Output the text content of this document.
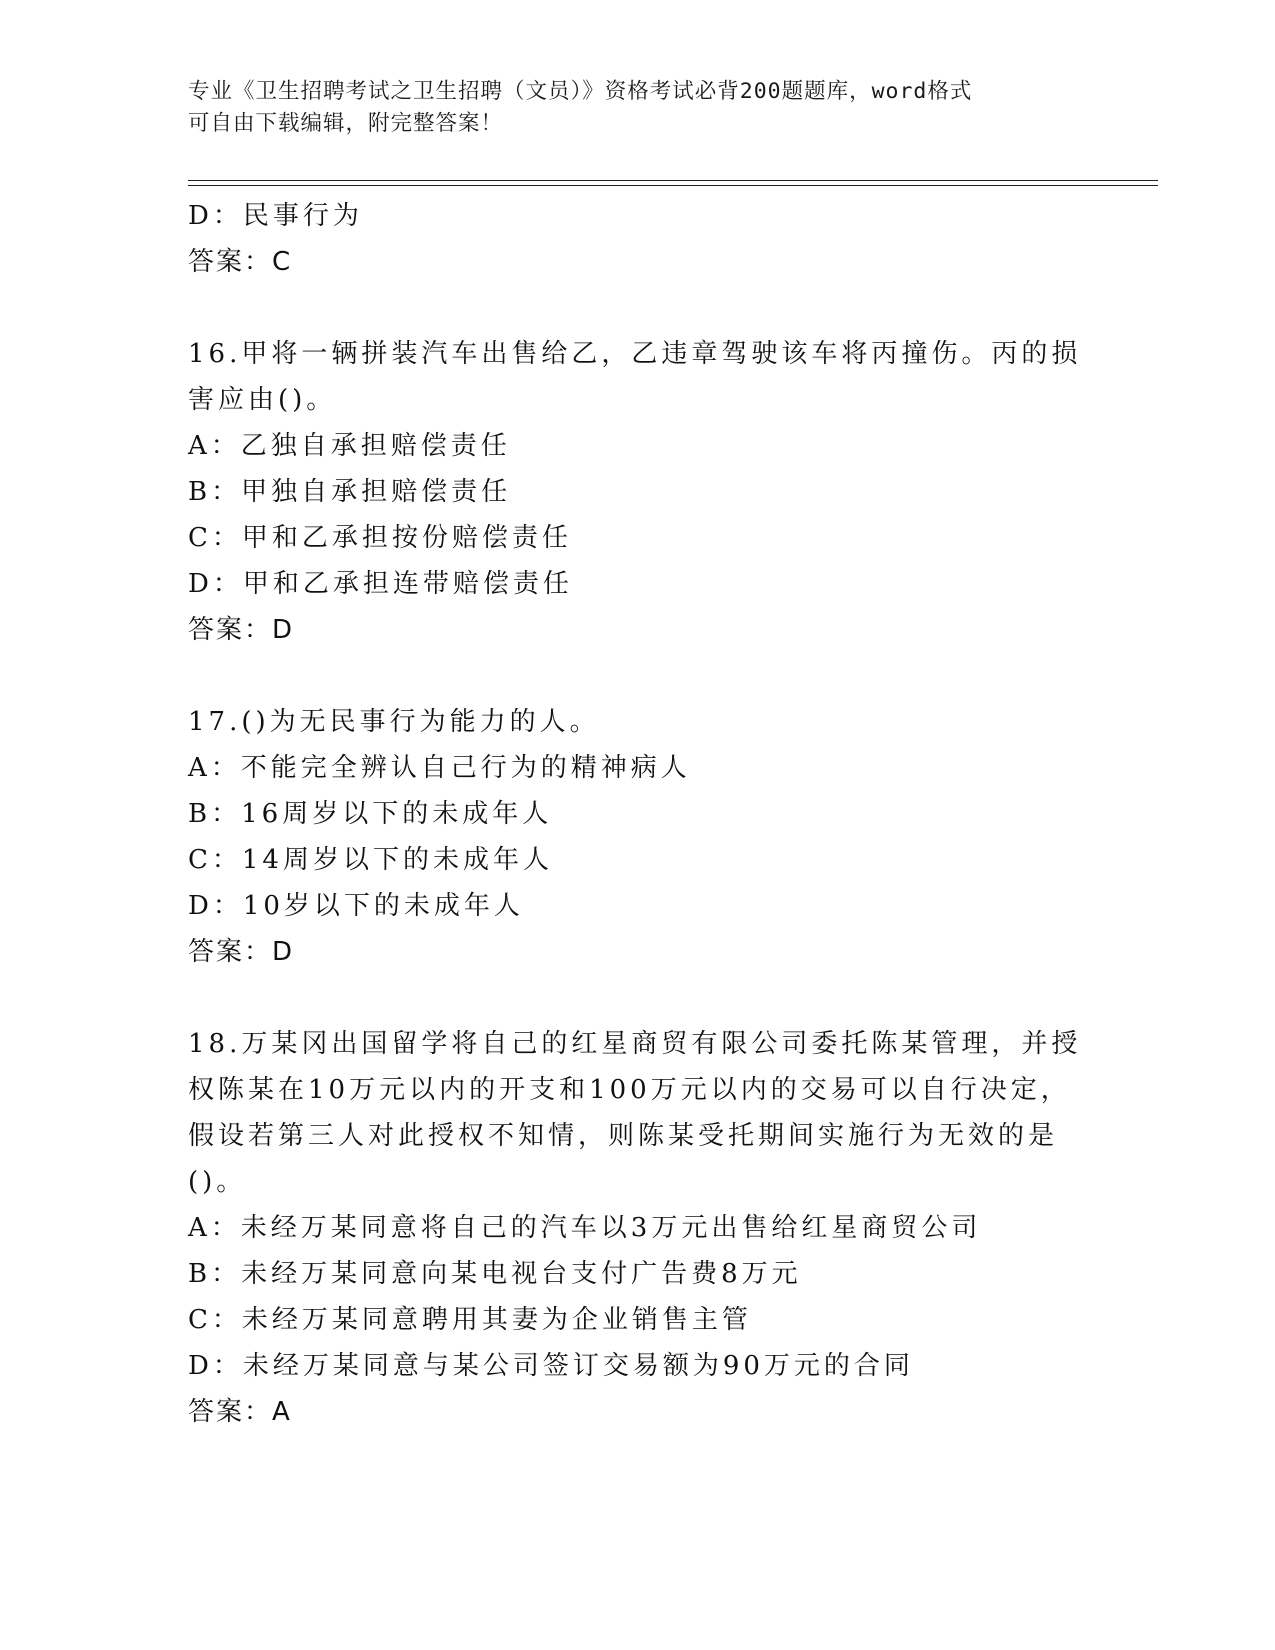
专业《卫生招聘考试之卫生招聘（文员）》资格考试必背200题题库，word格式
可自由下载编辑，附完整答案！
D：民事行为
答案：C
16.甲将一辆拼装汽车出售给乙，乙违章驾驶该车将丙撞伤。丙的损害应由()。
A：乙独自承担赔偿责任
B：甲独自承担赔偿责任
C：甲和乙承担按份赔偿责任
D：甲和乙承担连带赔偿责任
答案：D
17.()为无民事行为能力的人。
A：不能完全辨认自己行为的精神病人
B：16周岁以下的未成年人
C：14周岁以下的未成年人
D：10岁以下的未成年人
答案：D
18.万某冈出国留学将自己的红星商贸有限公司委托陈某管理，并授权陈某在10万元以内的开支和100万元以内的交易可以自行决定，假设若第三人对此授权不知情，则陈某受托期间实施行为无效的是()。
A：未经万某同意将自己的汽车以3万元出售给红星商贸公司
B：未经万某同意向某电视台支付广告费8万元
C：未经万某同意聘用其妻为企业销售主管
D：未经万某同意与某公司签订交易额为90万元的合同
答案：A
